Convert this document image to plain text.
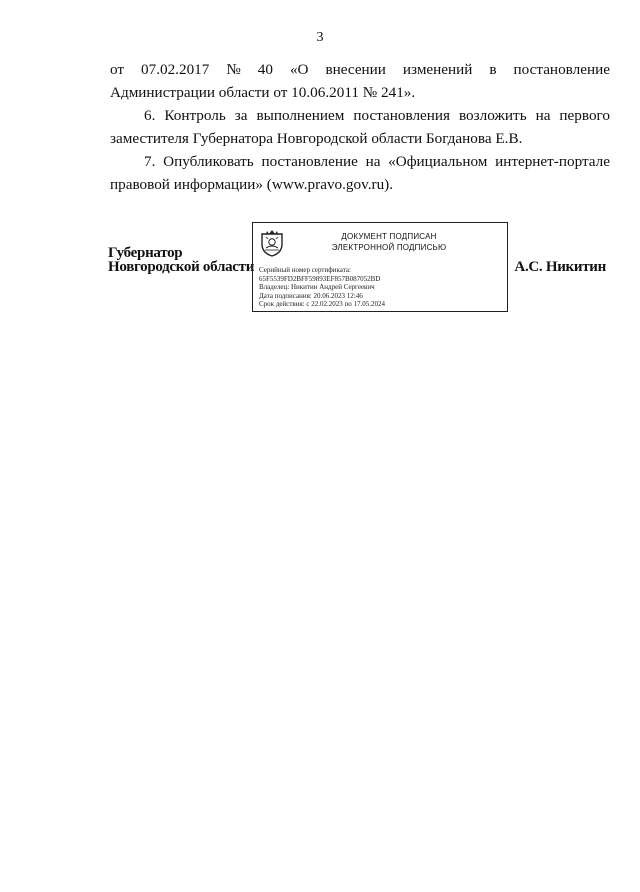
3
от 07.02.2017 № 40 «О внесении изменений в постановление

Администрации области от 10.06.2011 № 241».

6. Контроль за выполнением постановления возложить на первого заместителя Губернатора Новгородской области Богданова Е.В.

7. Опубликовать постановление на «Официальном интернет-портале правовой информации» (www.pravo.gov.ru).

Губернатор
Новгородской области
ДОКУМЕНТ ПОДПИСАН
ЭЛЕКТРОННОЙ ПОДПИСЬЮ
Серийный номер сертификата:
65F5539FD2BFF59893EF857B087052BD
Владелец: Никитин Андрей Сергеевич
Дата подписания: 20.06.2023 12:46
Срок действия: с 22.02.2023 по 17.05.2024
А.С. Никитин
